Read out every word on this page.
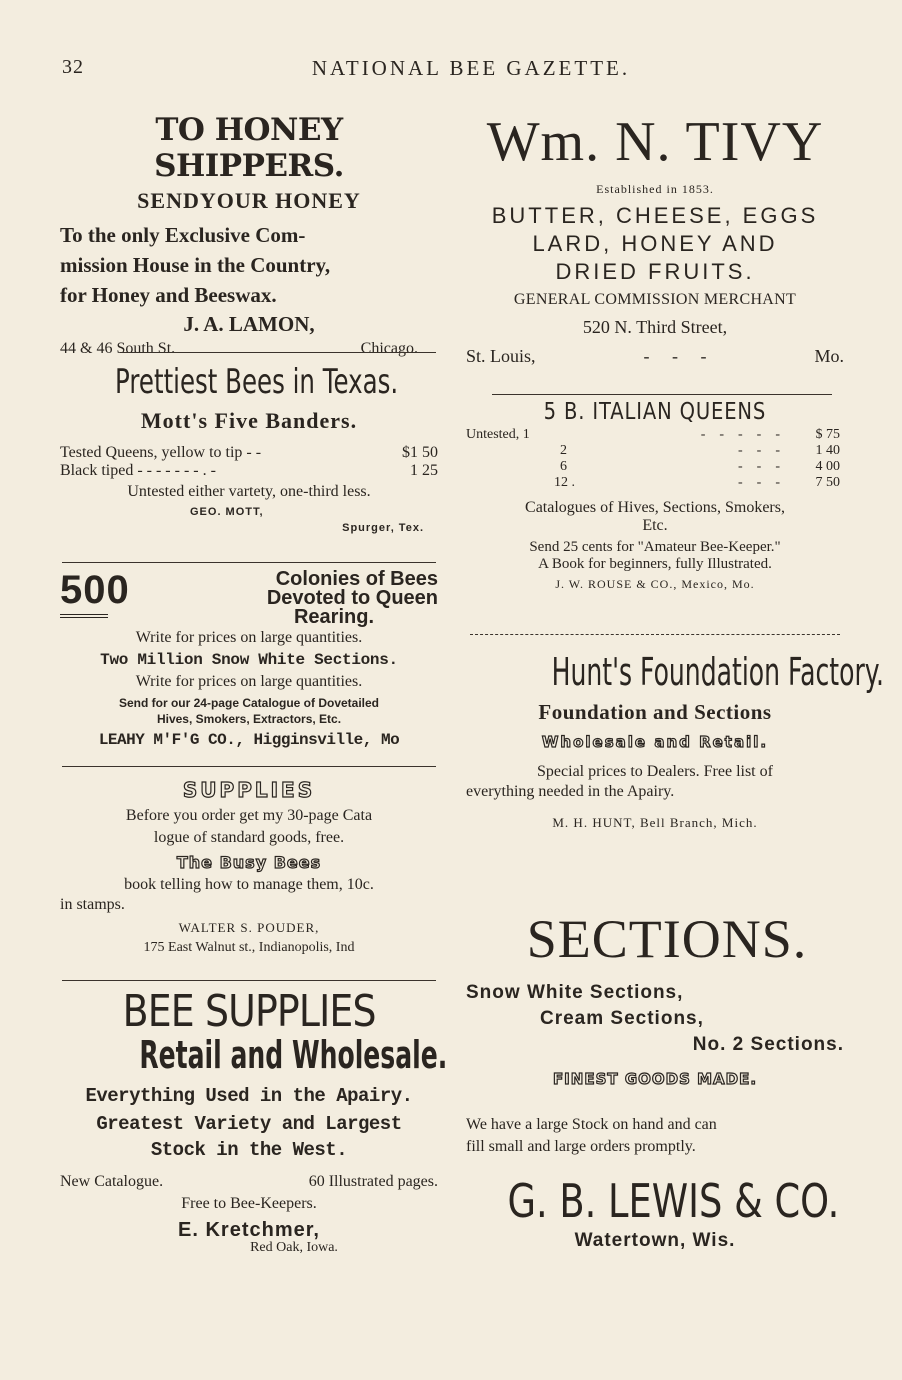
32	NATIONAL BEE GAZETTE.
TO HONEY SHIPPERS.
SENDYOUR HONEY
To the only Exclusive Com-
mission House in the Country,
for Honey and Beeswax.
J. A. LAMON,
44 & 46 South St.	Chicago.
Prettiest Bees in Texas.
Mott's Five Banders.
Tested Queens, yellow to tip - -	$1 50
Black tiped - - - - - - - . -	1 25
Untested either vartety, one-third less.
GEO. MOTT,
Spurger, Tex.
500	Colonies of Bees
Devoted to Queen
Rearing.
Write for prices on large quantities.
Two Million Snow White Sections.
Write for prices on large quantities.
Send for our 24-page Catalogue of Dovetailed
Hives, Smokers, Extractors, Etc.
LEAHY M'F'G CO., Higginsville, Mo
SUPPLIES
Before you order get my 30-page Cata
logue of standard goods, free.
The Busy Bees
book telling how to manage them, 10c.
in stamps.
WALTER S. POUDER,
175 East Walnut st., Indianopolis, Ind
BEE SUPPLIES
Retail and Wholesale.
Everything Used in the Apairy.
Greatest Variety and Largest
Stock in the West.
New Catalogue.	60 Illustrated pages.
Free to Bee-Keepers.
E. Kretchmer,
Red Oak, Iowa.
Wm. N. TIVY
Established in 1853.
BUTTER, CHEESE, EGGS
LARD, HONEY AND
DRIED FRUITS.
GENERAL COMMISSION MERCHANT
520 N. Third Street,
St. Louis,	-     -     -	Mo.
5 B. ITALIAN QUEENS
Untested, 1	-    -    -    -    -	$ 75
2	-    -    -	1 40
6	-    -    -	4 00
12 .	-    -    -	7 50
Catalogues of Hives, Sections, Smokers,
Etc.
Send 25 cents for "Amateur Bee-Keeper."
A Book for beginners, fully Illustrated.
J. W. ROUSE & CO., Mexico, Mo.
Hunt's Foundation Factory.
Foundation and Sections
Wholesale and Retail.
Special prices to Dealers. Free list of
everything needed in the Apairy.
M. H. HUNT, Bell Branch, Mich.
SECTIONS.
Snow White Sections,
Cream Sections,
No. 2 Sections.
FINEST GOODS MADE.
We have a large Stock on hand and can
fill small and large orders promptly.
G. B. LEWIS & CO.
Watertown, Wis.
